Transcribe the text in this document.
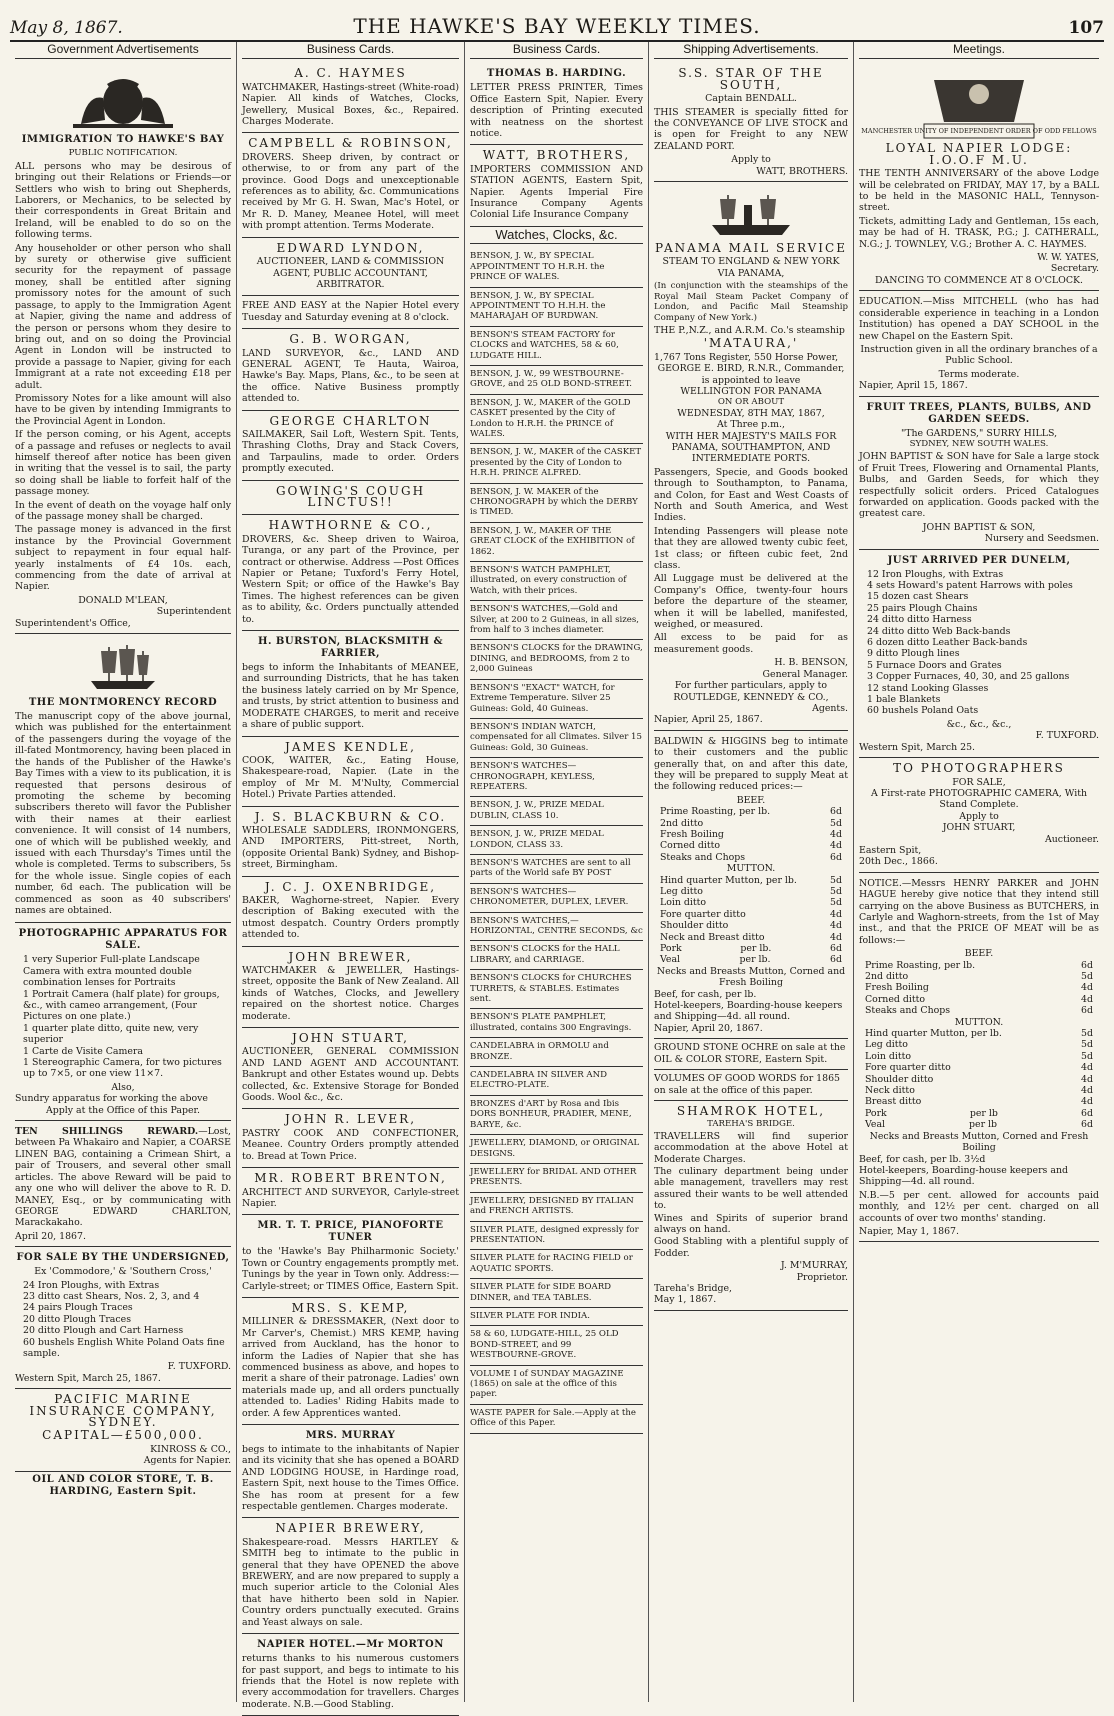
May 8, 1867.	THE HAWKE'S BAY WEEKLY TIMES.	107
Government Advertisements
IMMIGRATION TO HAWKE'S BAY
PUBLIC NOTIFICATION.

ALL persons who may be desirous of bringing out their Relations or Friends—or Settlers who wish to bring out Shepherds, Laborers, or Mechanics, to be selected by their correspondents in Great Britain and Ireland, will be enabled to do so on the following terms.

Any householder or other person who shall by surety or otherwise give sufficient security for the repayment of passage money, shall be entitled after signing promissory notes for the amount of such passage, to apply to the Immigration Agent at Napier, giving the name and address of the person or persons whom they desire to bring out, and on so doing the Provincial Agent in London will be instructed to provide a passage to Napier, giving for each Immigrant at a rate not exceeding £18 per adult.

Promissory Notes for a like amount will also have to be given by intending Immigrants to the Provincial Agent in London.

If the person coming, or his Agent, accepts of a passage and refuses or neglects to avail himself thereof after notice has been given in writing that the vessel is to sail, the party so doing shall be liable to forfeit half of the passage money.

In the event of death on the voyage half only of the passage money shall be charged.

The passage money is advanced in the first instance by the Provincial Government subject to repayment in four equal half-yearly instalments of £4 10s. each, commencing from the date of arrival at Napier.

DONALD M'LEAN,
Superintendent
Superintendent's Office,
THE MONTMORENCY RECORD

The manuscript copy of the above journal, which was published for the entertainment of the passengers during the voyage of the ill-fated Montmorency, having been placed in the hands of the Publisher of the Hawke's Bay Times with a view to its publication, it is requested that persons desirous of promoting the scheme by becoming subscribers thereto will favor the Publisher with their names at their earliest convenience. It will consist of 14 numbers, one of which will be published weekly, and issued with each Thursday's Times until the whole is completed. Terms to subscribers, 5s for the whole issue. Single copies of each number, 6d each. The publication will be commenced as soon as 40 subscribers' names are obtained.

PHOTOGRAPHIC APPARATUS FOR SALE.
1 very Superior Full-plate Landscape Camera with extra mounted double combination lenses for Portraits
1 Portrait Camera (half plate) for groups, &c., with cameo arrangement, (Four Pictures on one plate.)
1 quarter plate ditto, quite new, very superior
1 Carte de Visite Camera
1 Stereographic Camera, for two pictures up to 7×5, or one view 11×7.
Also,
Sundry apparatus for working the above
Apply at the Office of this Paper.

TEN SHILLINGS REWARD.—Lost, between Pa Whakairo and Napier, a COARSE LINEN BAG, containing a Crimean Shirt, a pair of Trousers, and several other small articles. The above Reward will be paid to any one who will deliver the above to R. D. MANEY, Esq., or by communicating with GEORGE EDWARD CHARLTON, Marackakaho.

April 20, 1867.
FOR SALE BY THE UNDERSIGNED,
Ex 'Commodore,' & 'Southern Cross,'
24 Iron Ploughs, with Extras
23 ditto cast Shears, Nos. 2, 3, and 4
24 pairs Plough Traces
20 ditto Plough Traces
20 ditto Plough and Cart Harness
60 bushels English White Poland Oats fine sample.
F. TUXFORD.
Western Spit, March 25, 1867.
PACIFIC MARINE INSURANCE COMPANY, SYDNEY.
CAPITAL—£500,000.
KINROSS & CO.,
Agents for Napier.
OIL AND COLOR STORE, T. B. HARDING, Eastern Spit.
Business Cards.
A. C. HAYMES

WATCHMAKER, Hastings-street (White-road) Napier. All kinds of Watches, Clocks, Jewellery, Musical Boxes, &c., Repaired. Charges Moderate.

CAMPBELL & ROBINSON,

DROVERS. Sheep driven, by contract or otherwise, to or from any part of the province. Good Dogs and unexceptionable references as to ability, &c. Communications received by Mr G. H. Swan, Mac's Hotel, or Mr R. D. Maney, Meanee Hotel, will meet with prompt attention. Terms Moderate.

EDWARD LYNDON,

AUCTIONEER, LAND & COMMISSION AGENT, PUBLIC ACCOUNTANT, ARBITRATOR.

FREE AND EASY at the Napier Hotel every Tuesday and Saturday evening at 8 o'clock.

G. B. WORGAN,

LAND SURVEYOR, &c., LAND AND GENERAL AGENT, Te Hauta, Wairoa, Hawke's Bay. Maps, Plans, &c., to be seen at the office. Native Business promptly attended to.

GEORGE CHARLTON

SAILMAKER, Sail Loft, Western Spit. Tents, Thrashing Cloths, Dray and Stack Covers, and Tarpaulins, made to order. Orders promptly executed.

GOWING'S COUGH LINCTUS!!
HAWTHORNE & CO.,

DROVERS, &c. Sheep driven to Wairoa, Turanga, or any part of the Province, per contract or otherwise. Address —Post Offices Napier or Petane; Tuxford's Ferry Hotel, Western Spit; or office of the Hawke's Bay Times. The highest references can be given as to ability, &c. Orders punctually attended to.

H. BURSTON, BLACKSMITH & FARRIER,

begs to inform the Inhabitants of MEANEE, and surrounding Districts, that he has taken the business lately carried on by Mr Spence, and trusts, by strict attention to business and MODERATE CHARGES, to merit and receive a share of public support.

JAMES KENDLE,

COOK, WAITER, &c., Eating House, Shakespeare-road, Napier. (Late in the employ of Mr M. M'Nulty, Commercial Hotel.) Private Parties attended.

J. S. BLACKBURN & CO.

WHOLESALE SADDLERS, IRONMONGERS, AND IMPORTERS, Pitt-street, North, (opposite Oriental Bank) Sydney, and Bishop-street, Birmingham.

J. C. J. OXENBRIDGE,

BAKER, Waghorne-street, Napier. Every description of Baking executed with the utmost despatch. Country Orders promptly attended to.

JOHN BREWER,

WATCHMAKER & JEWELLER, Hastings-street, opposite the Bank of New Zealand. All kinds of Watches, Clocks, and Jewellery repaired on the shortest notice. Charges moderate.

JOHN STUART,

AUCTIONEER, GENERAL COMMISSION AND LAND AGENT AND ACCOUNTANT. Bankrupt and other Estates wound up. Debts collected, &c. Extensive Storage for Bonded Goods. Wool &c., &c.

JOHN R. LEVER,

PASTRY COOK AND CONFECTIONER, Meanee. Country Orders promptly attended to. Bread at Town Price.

MR. ROBERT BRENTON,

ARCHITECT AND SURVEYOR, Carlyle-street Napier.

MR. T. T. PRICE, PIANOFORTE TUNER

to the 'Hawke's Bay Philharmonic Society.' Town or Country engagements promptly met. Tunings by the year in Town only. Address:—Carlyle-street; or TIMES Office, Eastern Spit.

MRS. S. KEMP,

MILLINER & DRESSMAKER, (Next door to Mr Carver's, Chemist.) MRS KEMP, having arrived from Auckland, has the honor to inform the Ladies of Napier that she has commenced business as above, and hopes to merit a share of their patronage. Ladies' own materials made up, and all orders punctually attended to. Ladies' Riding Habits made to order. A few Apprentices wanted.

MRS. MURRAY

begs to intimate to the inhabitants of Napier and its vicinity that she has opened a BOARD AND LODGING HOUSE, in Hardinge road, Eastern Spit, next house to the Times Office. She has room at present for a few respectable gentlemen. Charges moderate.

NAPIER BREWERY,

Shakespeare-road. Messrs HARTLEY & SMITH beg to intimate to the public in general that they have OPENED the above BREWERY, and are now prepared to supply a much superior article to the Colonial Ales that have hitherto been sold in Napier. Country orders punctually executed. Grains and Yeast always on sale.

NAPIER HOTEL.—Mr MORTON

returns thanks to his numerous customers for past support, and begs to intimate to his friends that the Hotel is now replete with every accommodation for travellers. Charges moderate. N.B.—Good Stabling.

Business Cards.
THOMAS B. HARDING.

LETTER PRESS PRINTER, Times Office Eastern Spit, Napier. Every description of Printing executed with neatness on the shortest notice.

WATT, BROTHERS,

IMPORTERS COMMISSION AND STATION AGENTS, Eastern Spit, Napier. Agents Imperial Fire Insurance Company Agents Colonial Life Insurance Company

Watches, Clocks, &c.
BENSON, J. W., BY SPECIAL APPOINTMENT TO H.R.H. the PRINCE OF WALES.
BENSON, J. W., BY SPECIAL APPOINTMENT TO H.H.H. the MAHARAJAH OF BURDWAN.
BENSON'S STEAM FACTORY for CLOCKS and WATCHES, 58 & 60, LUDGATE HILL.
BENSON, J. W., 99 WESTBOURNE-GROVE, and 25 OLD BOND-STREET.
BENSON, J. W., MAKER of the GOLD CASKET presented by the City of London to H.R.H. the PRINCE of WALES.
BENSON, J. W., MAKER of the CASKET presented by the City of London to H.R.H. PRINCE ALFRED.
BENSON, J. W. MAKER of the CHRONOGRAPH by which the DERBY is TIMED.
BENSON, J. W., MAKER OF THE GREAT CLOCK of the EXHIBITION of 1862.
BENSON'S WATCH PAMPHLET, illustrated, on every construction of Watch, with their prices.
BENSON'S WATCHES,—Gold and Silver, at 200 to 2 Guineas, in all sizes, from half to 3 inches diameter.
BENSON'S CLOCKS for the DRAWING, DINING, and BEDROOMS, from 2 to 2,000 Guineas
BENSON'S "EXACT" WATCH, for Extreme Temperature. Silver 25 Guineas: Gold, 40 Guineas.
BENSON'S INDIAN WATCH, compensated for all Climates. Silver 15 Guineas: Gold, 30 Guineas.
BENSON'S WATCHES—CHRONOGRAPH, KEYLESS, REPEATERS.
BENSON, J. W., PRIZE MEDAL DUBLIN, CLASS 10.
BENSON, J. W., PRIZE MEDAL LONDON, CLASS 33.
BENSON'S WATCHES are sent to all parts of the World safe BY POST
BENSON'S WATCHES—CHRONOMETER, DUPLEX, LEVER.
BENSON'S WATCHES,—HORIZONTAL, CENTRE SECONDS, &c
BENSON'S CLOCKS for the HALL LIBRARY, and CARRIAGE.
BENSON'S CLOCKS for CHURCHES TURRETS, & STABLES. Estimates sent.
BENSON'S PLATE PAMPHLET, illustrated, contains 300 Engravings.
CANDELABRA in ORMOLU and BRONZE.
CANDELABRA IN SILVER AND ELECTRO-PLATE.
BRONZES d'ART by Rosa and Ibis DORS BONHEUR, PRADIER, MENE, BARYE, &c.
JEWELLERY, DIAMOND, or ORIGINAL DESIGNS.
JEWELLERY for BRIDAL AND OTHER PRESENTS.
JEWELLERY, DESIGNED BY ITALIAN and FRENCH ARTISTS.
SILVER PLATE, designed expressly for PRESENTATION.
SILVER PLATE for RACING FIELD or AQUATIC SPORTS.
SILVER PLATE for SIDE BOARD DINNER, and TEA TABLES.
SILVER PLATE FOR INDIA.
58 & 60, LUDGATE-HILL, 25 OLD BOND-STREET, and 99 WESTBOURNE-GROVE.
VOLUME I of SUNDAY MAGAZINE (1865) on sale at the office of this paper.
WASTE PAPER for Sale.—Apply at the Office of this Paper.
Shipping Advertisements.
S.S. STAR OF THE SOUTH,
Captain BENDALL.

THIS STEAMER is specially fitted for the CONVEYANCE OF LIVE STOCK and is open for Freight to any NEW ZEALAND PORT.

Apply to
WATT, BROTHERS.
PANAMA MAIL SERVICE
STEAM TO ENGLAND & NEW YORK VIA PANAMA,

(In conjunction with the steamships of the Royal Mail Steam Packet Company of London, and Pacific Mail Steamship Company of New York.)

THE P.,N.Z., and A.R.M. Co.'s steamship
'MATAURA,'
1,767 Tons Register, 550 Horse Power,
GEORGE E. BIRD, R.N.R., Commander, is appointed to leave
WELLINGTON FOR PANAMA
ON OR ABOUT
WEDNESDAY, 8TH MAY, 1867,
At Three p.m.,
WITH HER MAJESTY'S MAILS FOR PANAMA, SOUTHAMPTON, AND INTERMEDIATE PORTS.

Passengers, Specie, and Goods booked through to Southampton, to Panama, and Colon, for East and West Coasts of North and South America, and West Indies.

Intending Passengers will please note that they are allowed twenty cubic feet, 1st class; or fifteen cubic feet, 2nd class.

All Luggage must be delivered at the Company's Office, twenty-four hours before the departure of the steamer, when it will be labelled, manifested, weighed, or measured.

All excess to be paid for as measurement goods.

H. B. BENSON,
General Manager.
For further particulars, apply to
ROUTLEDGE, KENNEDY & CO.,
Agents.
Napier, April 25, 1867.

BALDWIN & HIGGINS beg to intimate to their customers and the public generally that, on and after this date, they will be prepared to supply Meat at the following reduced prices:—

BEEF.
Prime Roasting, per lb.	6d
2nd ditto	5d
Fresh Boiling	4d
Corned ditto	4d
Steaks and Chops	6d
MUTTON.
Hind quarter Mutton, per lb.	5d
Leg ditto	5d
Loin ditto	5d
Fore quarter ditto	4d
Shoulder ditto	4d
Neck and Breast ditto	4d
Pork	per lb.	6d
Veal	per lb.	6d
Necks and Breasts Mutton, Corned and Fresh Boiling
Beef, for cash, per lb.
Hotel-keepers, Boarding-house keepers and Shipping—4d. all round.
Napier, April 20, 1867.
GROUND STONE OCHRE on sale at the OIL & COLOR STORE, Eastern Spit.
VOLUMES OF GOOD WORDS for 1865 on sale at the office of this paper.
SHAMROK HOTEL,
TAREHA'S BRIDGE.

TRAVELLERS will find superior accommodation at the above Hotel at Moderate Charges.

The culinary department being under able management, travellers may rest assured their wants to be well attended to.

Wines and Spirits of superior brand always on hand.

Good Stabling with a plentiful supply of Fodder.

J. M'MURRAY,
Proprietor.
Tareha's Bridge,
May 1, 1867.
Meetings.
MANCHESTER UNITY OF INDEPENDENT ORDER OF ODD FELLOWS
LOYAL NAPIER LODGE: I.O.O.F M.U.

THE TENTH ANNIVERSARY of the above Lodge will be celebrated on FRIDAY, MAY 17, by a BALL to be held in the MASONIC HALL, Tennyson-street.

Tickets, admitting Lady and Gentleman, 15s each, may be had of H. TRASK, P.G.; J. CATHERALL, N.G.; J. TOWNLEY, V.G.; Brother A. C. HAYMES.

W. W. YATES,
Secretary.
DANCING TO COMMENCE AT 8 O'CLOCK.

EDUCATION.—Miss MITCHELL (who has had considerable experience in teaching in a London Institution) has opened a DAY SCHOOL in the new Chapel on the Eastern Spit.

Instruction given in all the ordinary branches of a Public School.

Terms moderate.
Napier, April 15, 1867.
FRUIT TREES, PLANTS, BULBS, AND GARDEN SEEDS.
"The GARDENS," SURRY HILLS,
SYDNEY, NEW SOUTH WALES.

JOHN BAPTIST & SON have for Sale a large stock of Fruit Trees, Flowering and Ornamental Plants, Bulbs, and Garden Seeds, for which they respectfully solicit orders. Priced Catalogues forwarded on application. Goods packed with the greatest care.

JOHN BAPTIST & SON,
Nursery and Seedsmen.
JUST ARRIVED PER DUNELM,
12 Iron Ploughs, with Extras
4 sets Howard's patent Harrows with poles
15 dozen cast Shears
25 pairs Plough Chains
24 ditto ditto Harness
24 ditto ditto Web Back-bands
6 dozen ditto Leather Back-bands
9 ditto Plough lines
5 Furnace Doors and Grates
3 Copper Furnaces, 40, 30, and 25 gallons
12 stand Looking Glasses
1 bale Blankets
60 bushels Poland Oats
&c., &c., &c.,
F. TUXFORD.
Western Spit, March 25.
TO PHOTOGRAPHERS
FOR SALE,
A First-rate PHOTOGRAPHIC CAMERA, With Stand Complete.
Apply to
JOHN STUART,
Auctioneer.
Eastern Spit,
20th Dec., 1866.

NOTICE.—Messrs HENRY PARKER and JOHN HAGUE hereby give notice that they intend still carrying on the above Business as BUTCHERS, in Carlyle and Waghorn-streets, from the 1st of May inst., and that the PRICE OF MEAT will be as follows:—

BEEF.
Prime Roasting, per lb.	6d
2nd ditto	5d
Fresh Boiling	4d
Corned ditto	4d
Steaks and Chops	6d
MUTTON.
Hind quarter Mutton, per lb.	5d
Leg ditto	5d
Loin ditto	5d
Fore quarter ditto	4d
Shoulder ditto	4d
Neck ditto	4d
Breast ditto	4d
Pork	per lb	6d
Veal	per lb	6d
Necks and Breasts Mutton, Corned and Fresh Boiling
Beef, for cash, per lb. 3½d
Hotel-keepers, Boarding-house keepers and Shipping—4d. all round.

N.B.—5 per cent. allowed for accounts paid monthly, and 12½ per cent. charged on all accounts of over two months' standing.

Napier, May 1, 1867.
